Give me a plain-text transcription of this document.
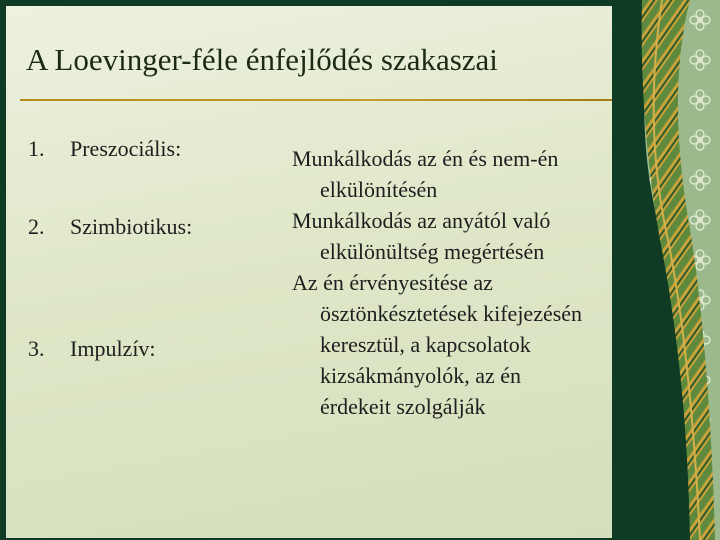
A Loevinger-féle énfejlődés szakaszai
1. Preszociális:
2. Szimbiotikus:
3. Impulzív:

Munkálkodás az én és nem-én elkülönítésén

Munkálkodás az anyától való elkülönültség megértésén

Az én érvényesítése az ösztönkésztetések kifejezésén keresztül, a kapcsolatok kizsákmányolók, az én érdekeit szolgálják
